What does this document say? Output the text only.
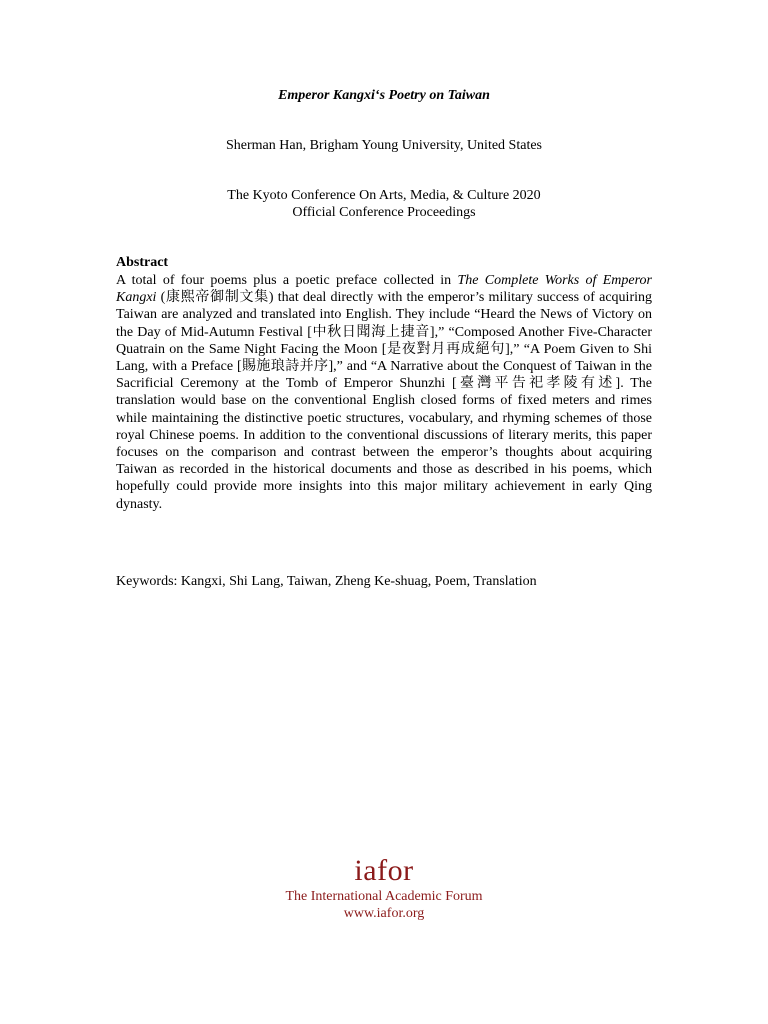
Emperor Kangxi‘s Poetry on Taiwan
Sherman Han, Brigham Young University, United States
The Kyoto Conference On Arts, Media, & Culture 2020
Official Conference Proceedings
Abstract
A total of four poems plus a poetic preface collected in The Complete Works of Emperor Kangxi (康熙帝御制文集) that deal directly with the emperor’s military success of acquiring Taiwan are analyzed and translated into English. They include “Heard the News of Victory on the Day of Mid-Autumn Festival [中秋日聞海上捷音],” “Composed Another Five-Character Quatrain on the Same Night Facing the Moon [是夜對月再成絕句],” “A Poem Given to Shi Lang, with a Preface [賜施琅詩并序],” and “A Narrative about the Conquest of Taiwan in the Sacrificial Ceremony at the Tomb of Emperor Shunzhi [臺灣平告祀孝陵有述]. The translation would base on the conventional English closed forms of fixed meters and rimes while maintaining the distinctive poetic structures, vocabulary, and rhyming schemes of those royal Chinese poems. In addition to the conventional discussions of literary merits, this paper focuses on the comparison and contrast between the emperor’s thoughts about acquiring Taiwan as recorded in the historical documents and those as described in his poems, which hopefully could provide more insights into this major military achievement in early Qing dynasty.
Keywords: Kangxi, Shi Lang, Taiwan, Zheng Ke-shuag, Poem, Translation
iafor
The International Academic Forum
www.iafor.org
